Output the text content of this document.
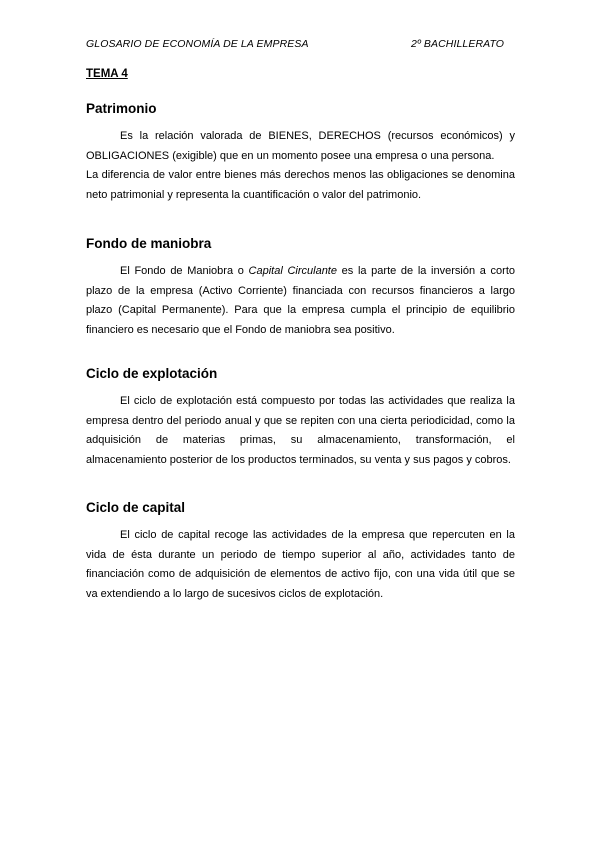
GLOSARIO DE ECONOMÍA DE LA EMPRESA	2º BACHILLERATO
TEMA 4
Patrimonio

Es la relación valorada de BIENES, DERECHOS (recursos económicos) y OBLIGACIONES (exigible) que en un momento posee una empresa o una persona.

La diferencia de valor entre bienes más derechos menos las obligaciones se denomina neto patrimonial y representa la cuantificación o valor del patrimonio.

Fondo de maniobra

El Fondo de Maniobra o Capital Circulante es la parte de la inversión a corto plazo de la empresa (Activo Corriente) financiada con recursos financieros a largo plazo (Capital Permanente). Para que la empresa cumpla el principio de equilibrio financiero es necesario que el Fondo de maniobra sea positivo.

Ciclo de explotación

El ciclo de explotación está compuesto por todas las actividades que realiza la empresa dentro del periodo anual y que se repiten con una cierta periodicidad, como la adquisición de materias primas, su almacenamiento, transformación, el almacenamiento posterior de los productos terminados, su venta y sus pagos y cobros.

Ciclo de capital

El ciclo de capital recoge las actividades de la empresa que repercuten en la vida de ésta durante un periodo de tiempo superior al año, actividades tanto de financiación como de adquisición de elementos de activo fijo, con una vida útil que se va extendiendo a lo largo de sucesivos ciclos de explotación.
